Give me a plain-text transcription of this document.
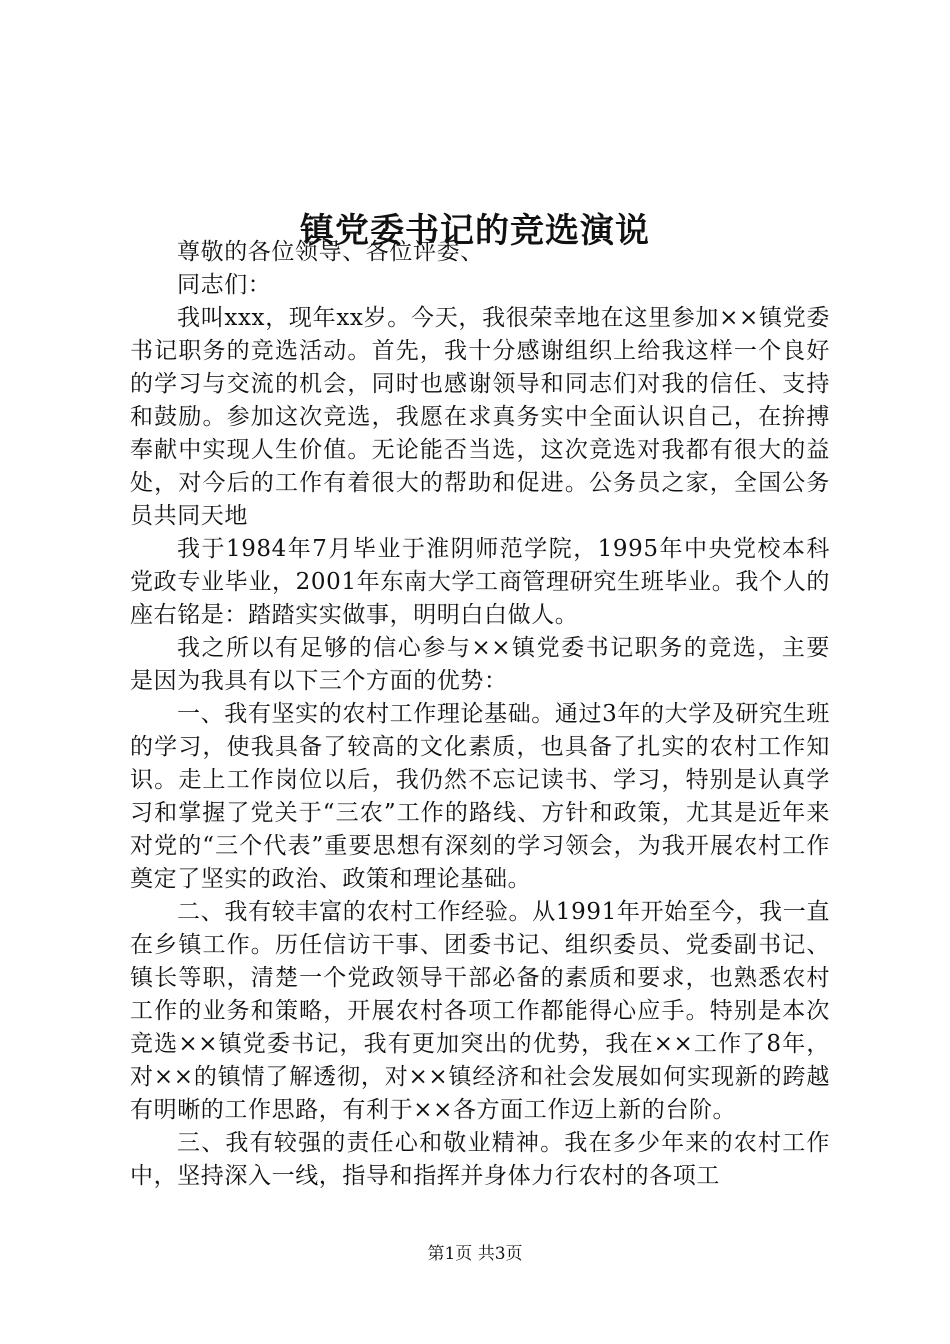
镇党委书记的竞选演说

尊敬的各位领导、各位评委、

同志们：

我叫xxx，现年xx岁。今天，我很荣幸地在这里参加××镇党委书记职务的竞选活动。首先，我十分感谢组织上给我这样一个良好的学习与交流的机会，同时也感谢领导和同志们对我的信任、支持和鼓励。参加这次竞选，我愿在求真务实中全面认识自己，在拚搏奉献中实现人生价值。无论能否当选，这次竞选对我都有很大的益处，对今后的工作有着很大的帮助和促进。公务员之家，全国公务员共同天地

我于1984年7月毕业于淮阴师范学院，1995年中央党校本科党政专业毕业，2001年东南大学工商管理研究生班毕业。我个人的座右铭是：踏踏实实做事，明明白白做人。

我之所以有足够的信心参与××镇党委书记职务的竞选，主要是因为我具有以下三个方面的优势：

一、我有坚实的农村工作理论基础。通过3年的大学及研究生班的学习，使我具备了较高的文化素质，也具备了扎实的农村工作知识。走上工作岗位以后，我仍然不忘记读书、学习，特别是认真学习和掌握了党关于“三农”工作的路线、方针和政策，尤其是近年来对党的“三个代表”重要思想有深刻的学习领会，为我开展农村工作奠定了坚实的政治、政策和理论基础。

二、我有较丰富的农村工作经验。从1991年开始至今，我一直在乡镇工作。历任信访干事、团委书记、组织委员、党委副书记、镇长等职，清楚一个党政领导干部必备的素质和要求，也熟悉农村工作的业务和策略，开展农村各项工作都能得心应手。特别是本次竞选××镇党委书记，我有更加突出的优势，我在××工作了8年，对××的镇情了解透彻，对××镇经济和社会发展如何实现新的跨越有明晰的工作思路，有利于××各方面工作迈上新的台阶。

三、我有较强的责任心和敬业精神。我在多少年来的农村工作中，坚持深入一线，指导和指挥并身体力行农村的各项工

第1页 共3页
